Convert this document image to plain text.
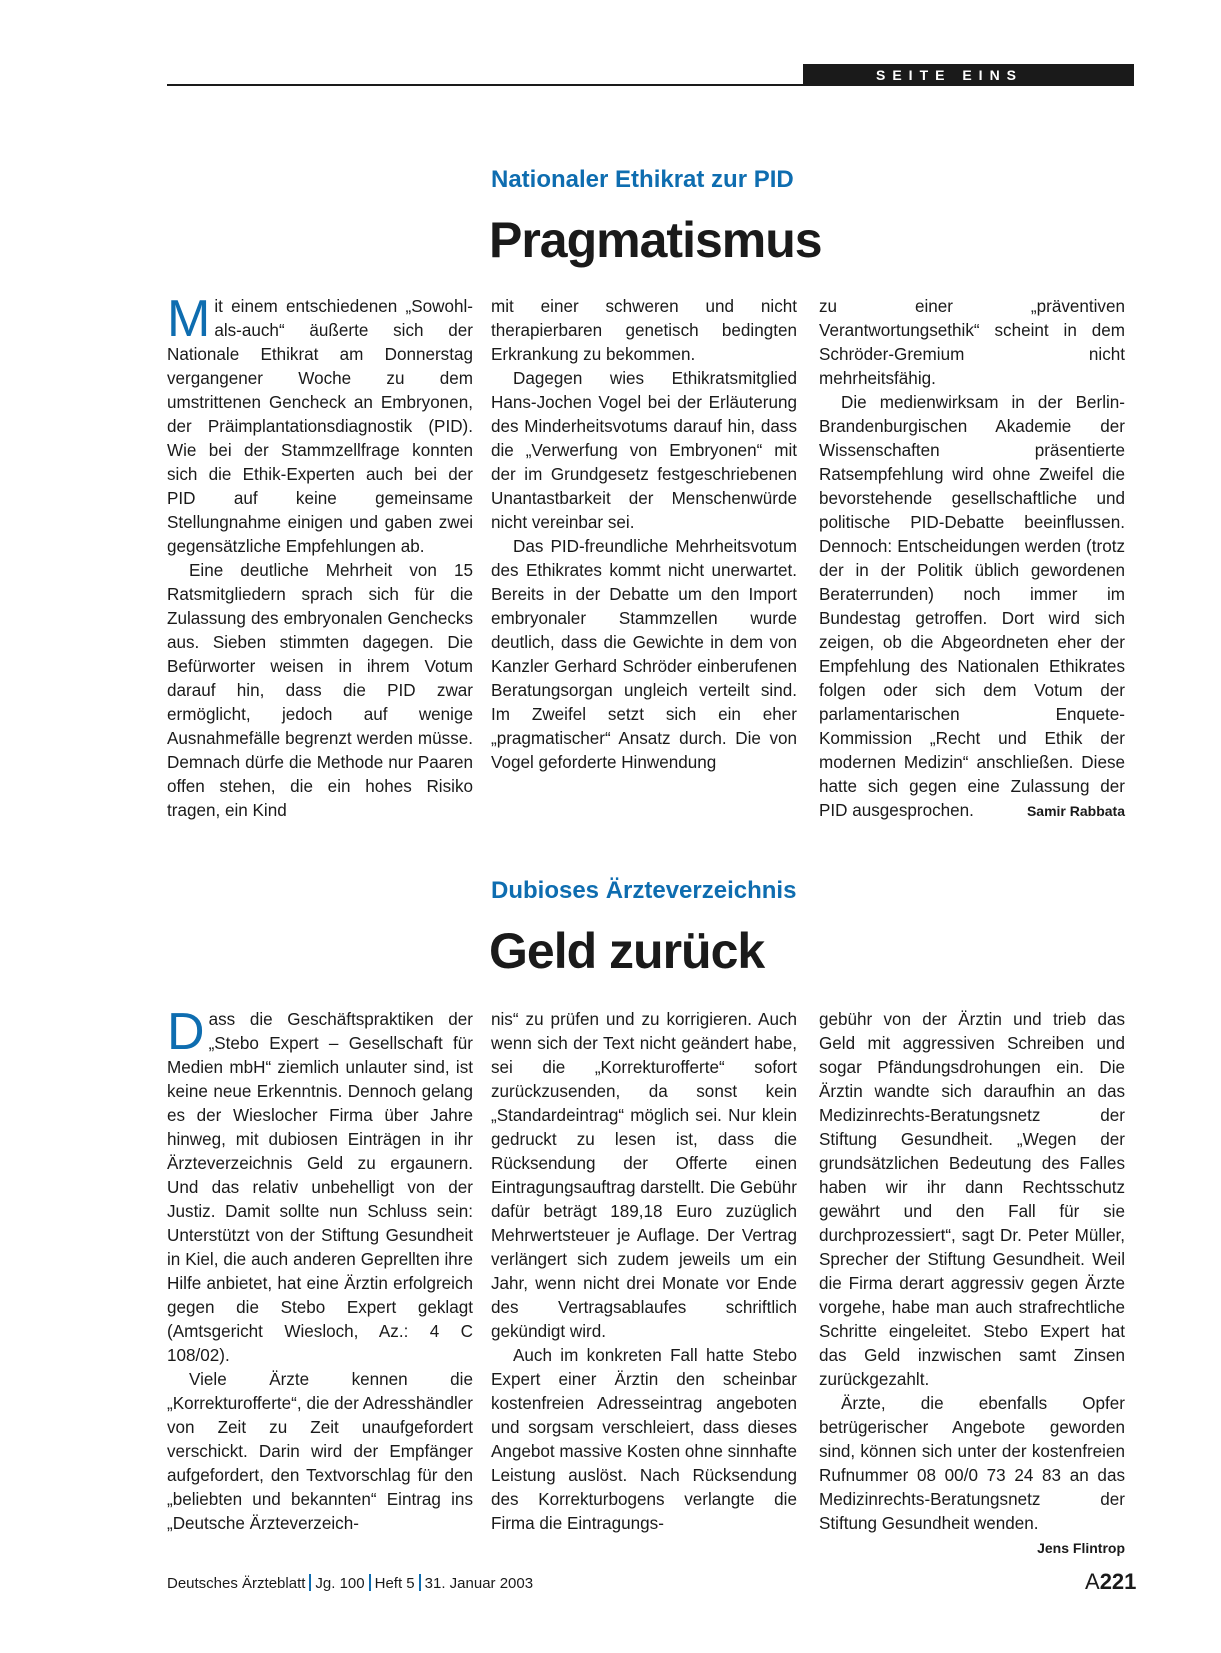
SEITE EINS
Nationaler Ethikrat zur PID
Pragmatismus

Mit einem entschiedenen „Sowohl-als-auch“ äußerte sich der Nationale Ethikrat am Donnerstag vergangener Woche zu dem umstrittenen Gencheck an Embryonen, der Präimplantationsdiagnostik (PID). Wie bei der Stammzellfrage konnten sich die Ethik-Experten auch bei der PID auf keine gemeinsame Stellungnahme einigen und gaben zwei gegensätzliche Empfehlungen ab.

Eine deutliche Mehrheit von 15 Ratsmitgliedern sprach sich für die Zulassung des embryonalen Genchecks aus. Sieben stimmten dagegen. Die Befürworter weisen in ihrem Votum darauf hin, dass die PID zwar ermöglicht, jedoch auf wenige Ausnahmefälle begrenzt werden müsse. Demnach dürfe die Methode nur Paaren offen stehen, die ein hohes Risiko tragen, ein Kind

mit einer schweren und nicht therapierbaren genetisch bedingten Erkrankung zu bekommen.

Dagegen wies Ethikratsmitglied Hans-Jochen Vogel bei der Erläuterung des Minderheitsvotums darauf hin, dass die „Verwerfung von Embryonen“ mit der im Grundgesetz festgeschriebenen Unantastbarkeit der Menschenwürde nicht vereinbar sei.

Das PID-freundliche Mehrheitsvotum des Ethikrates kommt nicht unerwartet. Bereits in der Debatte um den Import embryonaler Stammzellen wurde deutlich, dass die Gewichte in dem von Kanzler Gerhard Schröder einberufenen Beratungsorgan ungleich verteilt sind. Im Zweifel setzt sich ein eher „pragmatischer“ Ansatz durch. Die von Vogel geforderte Hinwendung

zu einer „präventiven Verantwortungsethik“ scheint in dem Schröder-Gremium nicht mehrheitsfähig.

Die medienwirksam in der Berlin-Brandenburgischen Akademie der Wissenschaften präsentierte Ratsempfehlung wird ohne Zweifel die bevorstehende gesellschaftliche und politische PID-Debatte beeinflussen. Dennoch: Entscheidungen werden (trotz der in der Politik üblich gewordenen Beraterrunden) noch immer im Bundestag getroffen. Dort wird sich zeigen, ob die Abgeordneten eher der Empfehlung des Nationalen Ethikrates folgen oder sich dem Votum der parlamentarischen Enquete-Kommission „Recht und Ethik der modernen Medizin“ anschließen. Diese hatte sich gegen eine Zulassung der PID ausgesprochen.	Samir Rabbata

Dubioses Ärzteverzeichnis
Geld zurück

Dass die Geschäftspraktiken der „Stebo Expert – Gesellschaft für Medien mbH“ ziemlich unlauter sind, ist keine neue Erkenntnis. Dennoch gelang es der Wieslocher Firma über Jahre hinweg, mit dubiosen Einträgen in ihr Ärzteverzeichnis Geld zu ergaunern. Und das relativ unbehelligt von der Justiz. Damit sollte nun Schluss sein: Unterstützt von der Stiftung Gesundheit in Kiel, die auch anderen Geprellten ihre Hilfe anbietet, hat eine Ärztin erfolgreich gegen die Stebo Expert geklagt (Amtsgericht Wiesloch, Az.: 4 C 108/02).

Viele Ärzte kennen die „Korrekturofferte“, die der Adresshändler von Zeit zu Zeit unaufgefordert verschickt. Darin wird der Empfänger aufgefordert, den Textvorschlag für den „beliebten und bekannten“ Eintrag ins „Deutsche Ärzteverzeich-

nis“ zu prüfen und zu korrigieren. Auch wenn sich der Text nicht geändert habe, sei die „Korrekturofferte“ sofort zurückzusenden, da sonst kein „Standardeintrag“ möglich sei. Nur klein gedruckt zu lesen ist, dass die Rücksendung der Offerte einen Eintragungsauftrag darstellt. Die Gebühr dafür beträgt 189,18 Euro zuzüglich Mehrwertsteuer je Auflage. Der Vertrag verlängert sich zudem jeweils um ein Jahr, wenn nicht drei Monate vor Ende des Vertragsablaufes schriftlich gekündigt wird.

Auch im konkreten Fall hatte Stebo Expert einer Ärztin den scheinbar kostenfreien Adresseintrag angeboten und sorgsam verschleiert, dass dieses Angebot massive Kosten ohne sinnhafte Leistung auslöst. Nach Rücksendung des Korrekturbogens verlangte die Firma die Eintragungs-

gebühr von der Ärztin und trieb das Geld mit aggressiven Schreiben und sogar Pfändungsdrohungen ein. Die Ärztin wandte sich daraufhin an das Medizinrechts-Beratungsnetz der Stiftung Gesundheit. „Wegen der grundsätzlichen Bedeutung des Falles haben wir ihr dann Rechtsschutz gewährt und den Fall für sie durchprozessiert“, sagt Dr. Peter Müller, Sprecher der Stiftung Gesundheit. Weil die Firma derart aggressiv gegen Ärzte vorgehe, habe man auch strafrechtliche Schritte eingeleitet. Stebo Expert hat das Geld inzwischen samt Zinsen zurückgezahlt.

Ärzte, die ebenfalls Opfer betrügerischer Angebote geworden sind, können sich unter der kostenfreien Rufnummer 08 00/0 73 24 83 an das Medizinrechts-Beratungsnetz der Stiftung Gesundheit wenden.
Jens Flintrop

Deutsches Ärzteblatt Jg. 100 Heft 5 31. Januar 2003	A221
